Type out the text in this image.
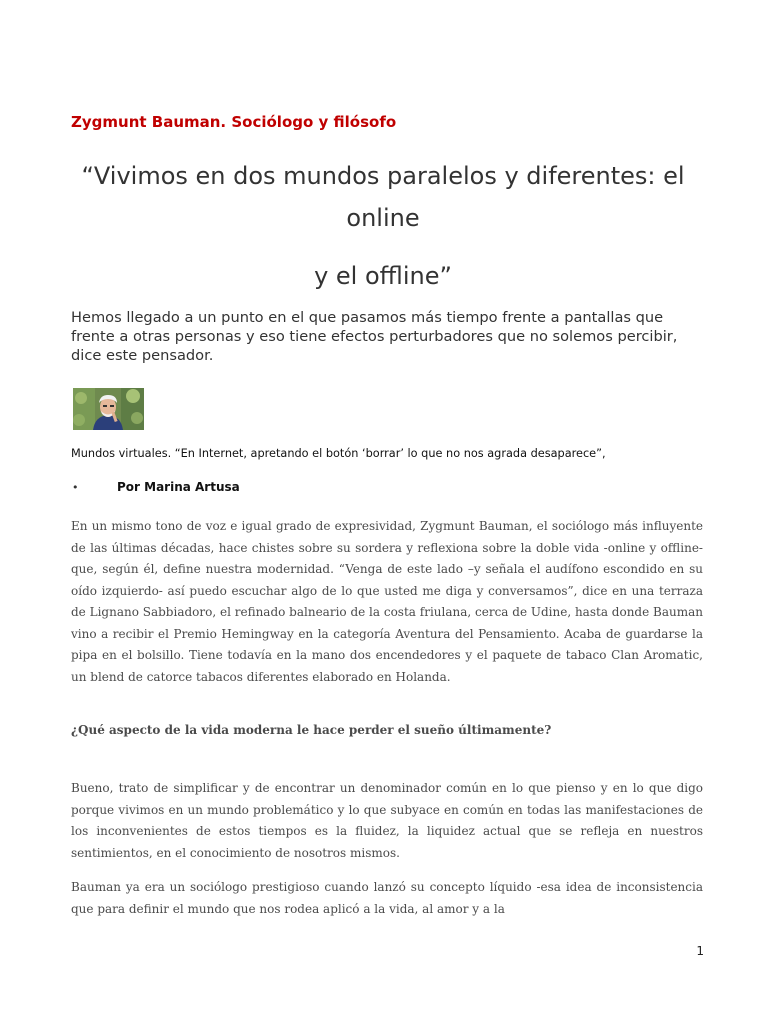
Zygmunt Bauman. Sociólogo y filósofo
“Vivimos en dos mundos paralelos y diferentes: el online
y el offline”
Hemos llegado a un punto en el que pasamos más tiempo frente a pantallas que frente a otras personas y eso tiene efectos perturbadores que no solemos percibir, dice este pensador.
Mundos virtuales. “En Internet, apretando el botón ‘borrar’ lo que no nos agrada desaparece”,
•	Por Marina Artusa

En un mismo tono de voz e igual grado de expresividad, Zygmunt Bauman, el sociólogo más influyente de las últimas décadas, hace chistes sobre su sordera y reflexiona sobre la doble vida -online y offline- que, según él, define nuestra modernidad. “Venga de este lado –y señala el audífono escondido en su oído izquierdo- así puedo escuchar algo de lo que usted me diga y conversamos”, dice en una terraza de Lignano Sabbiadoro, el refinado balneario de la costa friulana, cerca de Udine, hasta donde Bauman vino a recibir el Premio Hemingway en la categoría Aventura del Pensamiento. Acaba de guardarse la pipa en el bolsillo. Tiene todavía en la mano dos encendedores y el paquete de tabaco Clan Aromatic, un blend de catorce tabacos diferentes elaborado en Holanda.

¿Qué aspecto de la vida moderna le hace perder el sueño últimamente?

Bueno, trato de simplificar y de encontrar un denominador común en lo que pienso y en lo que digo porque vivimos en un mundo problemático y lo que subyace en común en todas las manifestaciones de los inconvenientes de estos tiempos es la fluidez, la liquidez actual que se refleja en nuestros sentimientos, en el conocimiento de nosotros mismos.

Bauman ya era un sociólogo prestigioso cuando lanzó su concepto líquido -esa idea de inconsistencia que para definir el mundo que nos rodea aplicó a la vida, al amor y a la

1
